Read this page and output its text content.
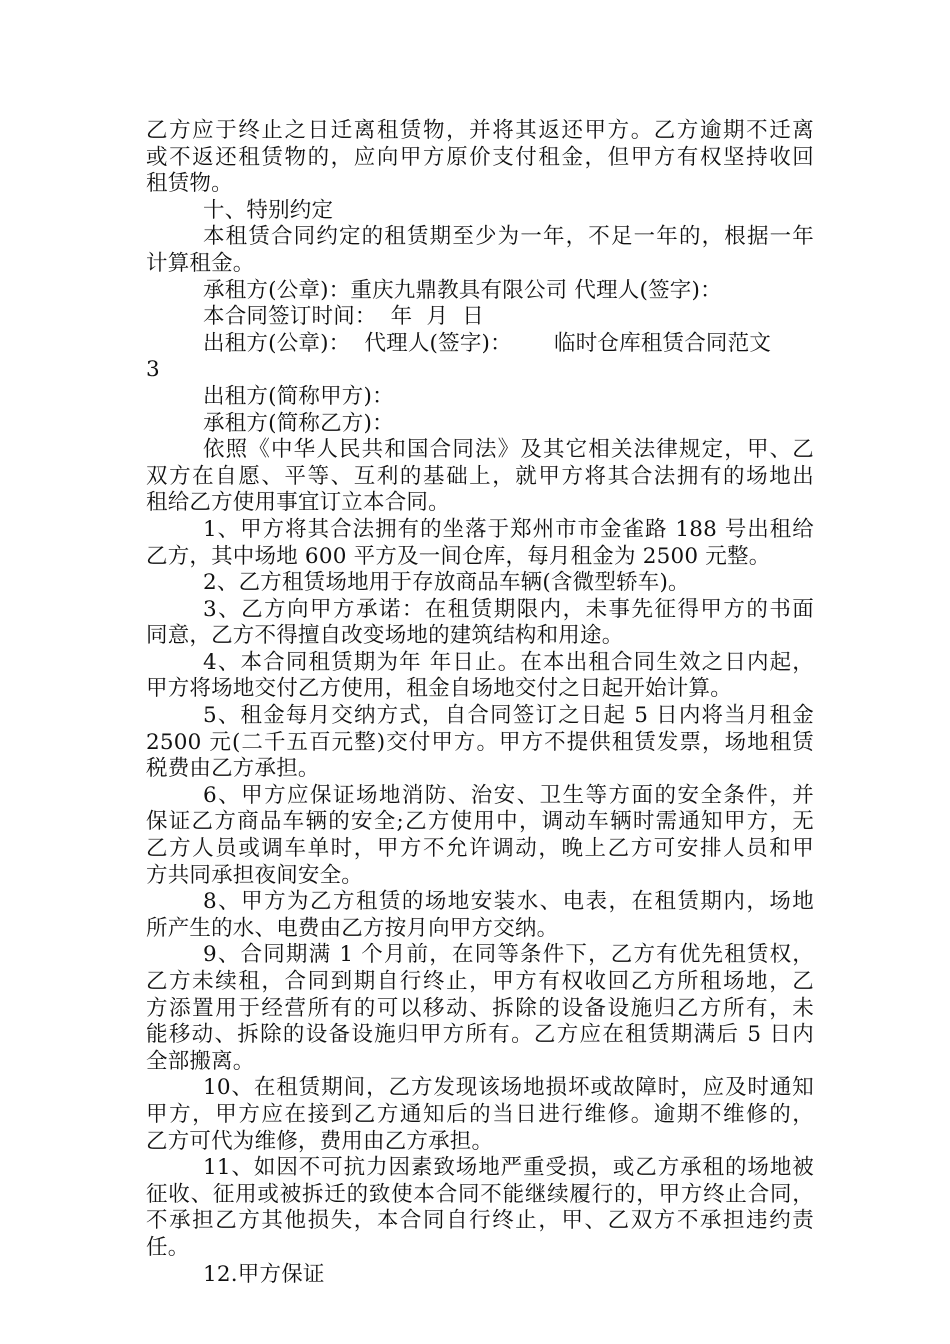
乙方应于终止之日迁离租赁物，并将其返还甲方。乙方逾期不迁离
或不返还租赁物的，应向甲方原价支付租金，但甲方有权坚持收回
租赁物。
十、特别约定
本租赁合同约定的租赁期至少为一年，不足一年的，根据一年
计算租金。
承租方(公章)：重庆九鼎教具有限公司 代理人(签字)：
本合同签订时间：  年  月  日
出租方(公章)：  代理人(签字)：      临时仓库租赁合同范文
3
出租方(简称甲方)：
承租方(简称乙方)：
依照《中华人民共和国合同法》及其它相关法律规定，甲、乙
双方在自愿、平等、互利的基础上，就甲方将其合法拥有的场地出
租给乙方使用事宜订立本合同。
1、甲方将其合法拥有的坐落于郑州市市金雀路 188 号出租给
乙方，其中场地 600 平方及一间仓库，每月租金为 2500 元整。
2、乙方租赁场地用于存放商品车辆(含微型轿车)。
3、乙方向甲方承诺：在租赁期限内，未事先征得甲方的书面
同意，乙方不得擅自改变场地的建筑结构和用途。
4、本合同租赁期为年 年日止。在本出租合同生效之日内起，
甲方将场地交付乙方使用，租金自场地交付之日起开始计算。
5、租金每月交纳方式，自合同签订之日起 5 日内将当月租金
2500 元(二千五百元整)交付甲方。甲方不提供租赁发票，场地租赁
税费由乙方承担。
6、甲方应保证场地消防、治安、卫生等方面的安全条件，并
保证乙方商品车辆的安全;乙方使用中，调动车辆时需通知甲方，无
乙方人员或调车单时，甲方不允许调动，晚上乙方可安排人员和甲
方共同承担夜间安全。
8、甲方为乙方租赁的场地安装水、电表，在租赁期内，场地
所产生的水、电费由乙方按月向甲方交纳。
9、合同期满 1 个月前，在同等条件下，乙方有优先租赁权，
乙方未续租，合同到期自行终止，甲方有权收回乙方所租场地，乙
方添置用于经营所有的可以移动、拆除的设备设施归乙方所有，未
能移动、拆除的设备设施归甲方所有。乙方应在租赁期满后 5 日内
全部搬离。
10、在租赁期间，乙方发现该场地损坏或故障时，应及时通知
甲方，甲方应在接到乙方通知后的当日进行维修。逾期不维修的，
乙方可代为维修，费用由乙方承担。
11、如因不可抗力因素致场地严重受损，或乙方承租的场地被
征收、征用或被拆迁的致使本合同不能继续履行的，甲方终止合同，
不承担乙方其他损失，本合同自行终止，甲、乙双方不承担违约责
任。
12.甲方保证
